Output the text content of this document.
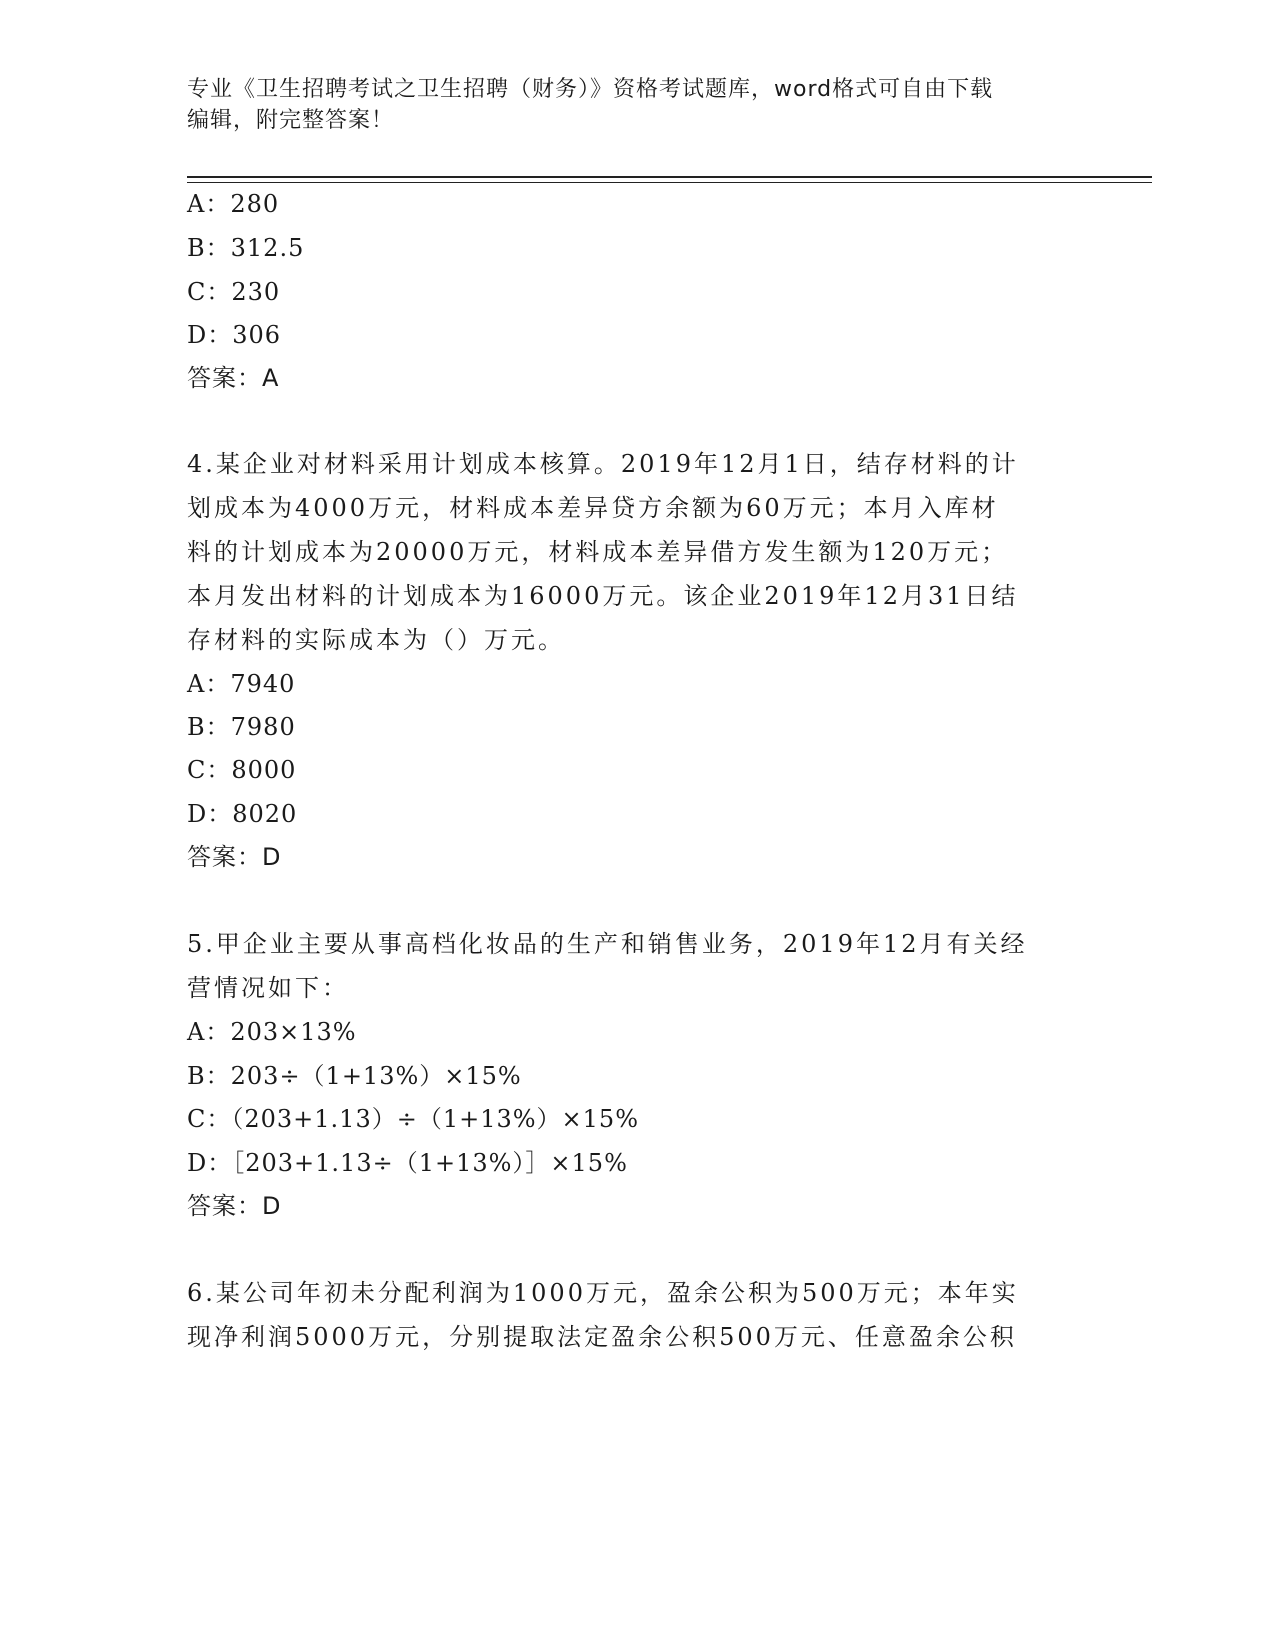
专业《卫生招聘考试之卫生招聘（财务）》资格考试题库，word格式可自由下载
编辑，附完整答案！
A：280
B：312.5
C：230
D：306
答案：A
4.某企业对材料采用计划成本核算。2019年12月1日，结存材料的计
划成本为4000万元，材料成本差异贷方余额为60万元；本月入库材
料的计划成本为20000万元，材料成本差异借方发生额为120万元；
本月发出材料的计划成本为16000万元。该企业2019年12月31日结
存材料的实际成本为（）万元。
A：7940
B：7980
C：8000
D：8020
答案：D
5.甲企业主要从事高档化妆品的生产和销售业务，2019年12月有关经
营情况如下：
A：203×13%
B：203÷（1+13%）×15%
C：（203+1.13）÷（1+13%）×15%
D：［203+1.13÷（1+13%）］×15%
答案：D
6.某公司年初未分配利润为1000万元，盈余公积为500万元；本年实
现净利润5000万元，分别提取法定盈余公积500万元、任意盈余公积
